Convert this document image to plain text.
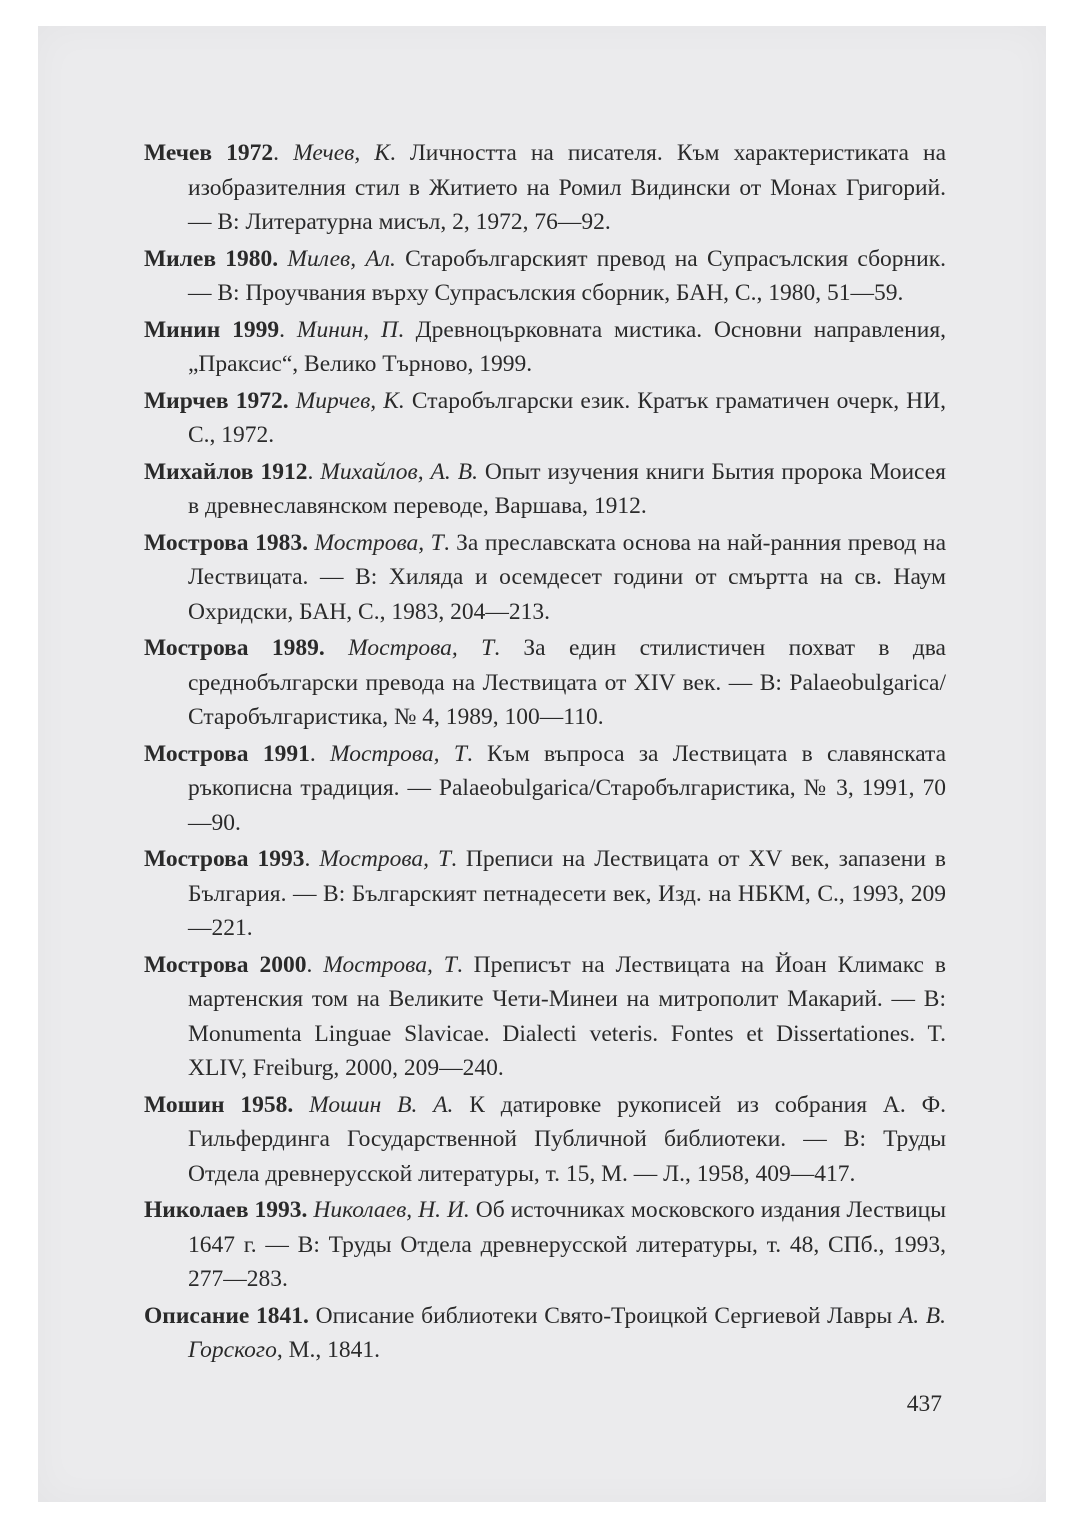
Мечев 1972. Мечев, К. Личността на писателя. Към характеристиката на изобразителния стил в Житието на Ромил Видински от Монах Григорий. — В: Литературна мисъл, 2, 1972, 76—92.
Милев 1980. Милев, Ал. Старобългарският превод на Супрасълския сборник. — В: Проучвания върху Супрасълския сборник, БАН, С., 1980, 51—59.
Минин 1999. Минин, П. Древноцърковната мистика. Основни направления, „Праксис“, Велико Търново, 1999.
Мирчев 1972. Мирчев, К. Старобългарски език. Кратък граматичен очерк, НИ, С., 1972.
Михайлов 1912. Михайлов, А. В. Опыт изучения книги Бытия пророка Моисея в древнеславянском переводе, Варшава, 1912.
Мострова 1983. Мострова, Т. За преславската основа на най-ранния превод на Лествицата. — В: Хиляда и осемдесет години от смъртта на св. Наум Охридски, БАН, С., 1983, 204—213.
Мострова 1989. Мострова, Т. За един стилистичен похват в два среднобългарски превода на Лествицата от XIV век. — В: Palaeobulgarica/Старобългаристика, № 4, 1989, 100—110.
Мострова 1991. Мострова, Т. Към въпроса за Лествицата в славянската ръкописна традиция. — Palaeobulgarica/Старобългаристика, № 3, 1991, 70—90.
Мострова 1993. Мострова, Т. Преписи на Лествицата от XV век, запазени в България. — В: Българският петнадесети век, Изд. на НБКМ, С., 1993, 209—221.
Мострова 2000. Мострова, Т. Преписът на Лествицата на Йоан Климакс в мартенския том на Великите Чети-Минеи на митрополит Макарий. — В: Monumenta Linguae Slavicae. Dialecti veteris. Fontes et Dissertationes. T. XLIV, Freiburg, 2000, 209—240.
Мошин 1958. Мошин В. А. К датировке рукописей из собрания А. Ф. Гильфердинга Государственной Публичной библиотеки. — В: Труды Отдела древнерусской литературы, т. 15, М. — Л., 1958, 409—417.
Николаев 1993. Николаев, Н. И. Об источниках московского издания Лествицы 1647 г. — В: Труды Отдела древнерусской литературы, т. 48, СПб., 1993, 277—283.
Описание 1841. Описание библиотеки Свято-Троицкой Сергиевой Лавры А. В. Горского, М., 1841.
437
